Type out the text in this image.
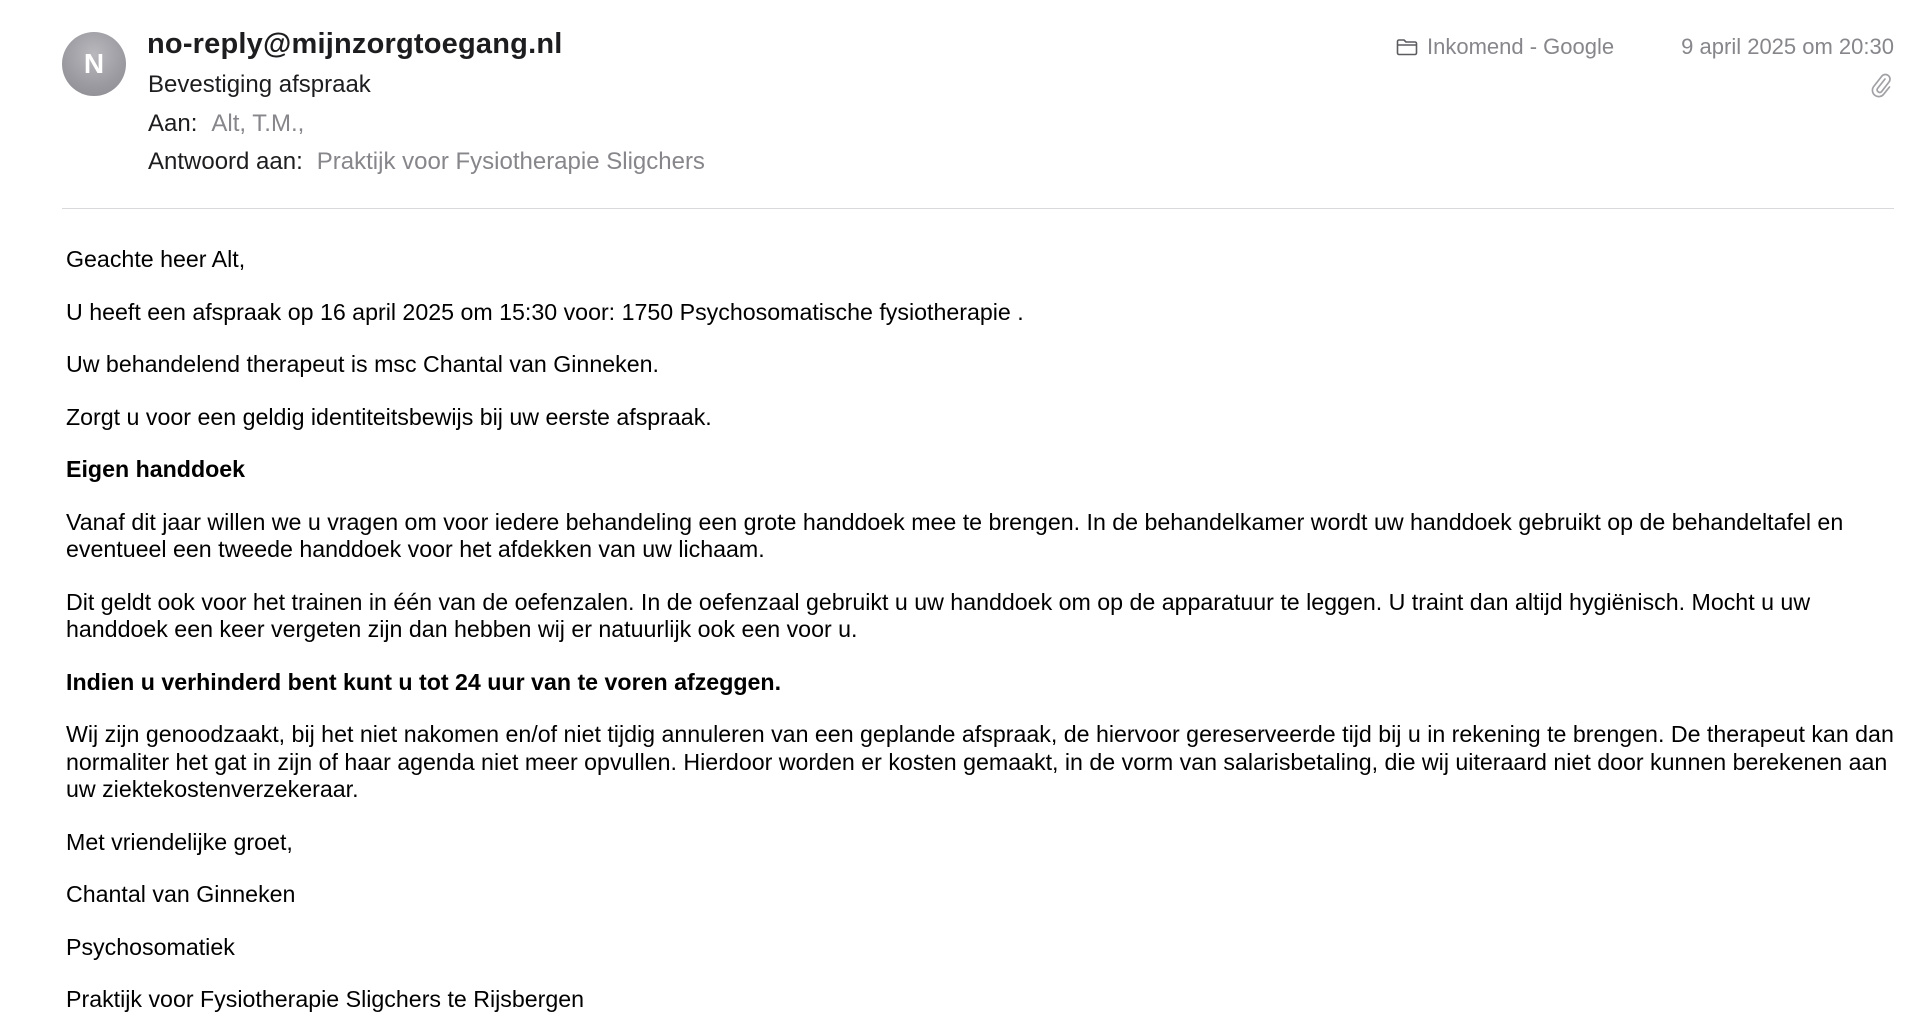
N
no-reply@mijnzorgtoegang.nl
Bevestiging afspraak
Aan: Alt, T.M.,
Antwoord aan: Praktijk voor Fysiotherapie Sligchers
Inkomend - Google	9 april 2025 om 20:30

Geachte heer Alt,

U heeft een afspraak op 16 april 2025 om 15:30 voor: 1750 Psychosomatische fysiotherapie .

Uw behandelend therapeut is msc Chantal van Ginneken.

Zorgt u voor een geldig identiteitsbewijs bij uw eerste afspraak.

Eigen handdoek

Vanaf dit jaar willen we u vragen om voor iedere behandeling een grote handdoek mee te brengen. In de behandelkamer wordt uw handdoek gebruikt op de behandeltafel en eventueel een tweede handdoek voor het afdekken van uw lichaam.

Dit geldt ook voor het trainen in één van de oefenzalen. In de oefenzaal gebruikt u uw handdoek om op de apparatuur te leggen. U traint dan altijd hygiënisch. Mocht u uw handdoek een keer vergeten zijn dan hebben wij er natuurlijk ook een voor u.

Indien u verhinderd bent kunt u tot 24 uur van te voren afzeggen.

Wij zijn genoodzaakt, bij het niet nakomen en/of niet tijdig annuleren van een geplande afspraak, de hiervoor gereserveerde tijd bij u in rekening te brengen. De therapeut kan dan normaliter het gat in zijn of haar agenda niet meer opvullen. Hierdoor worden er kosten gemaakt, in de vorm van salarisbetaling, die wij uiteraard niet door kunnen berekenen aan uw ziektekostenverzekeraar.

Met vriendelijke groet,

Chantal van Ginneken

Psychosomatiek

Praktijk voor Fysiotherapie Sligchers te Rijsbergen
